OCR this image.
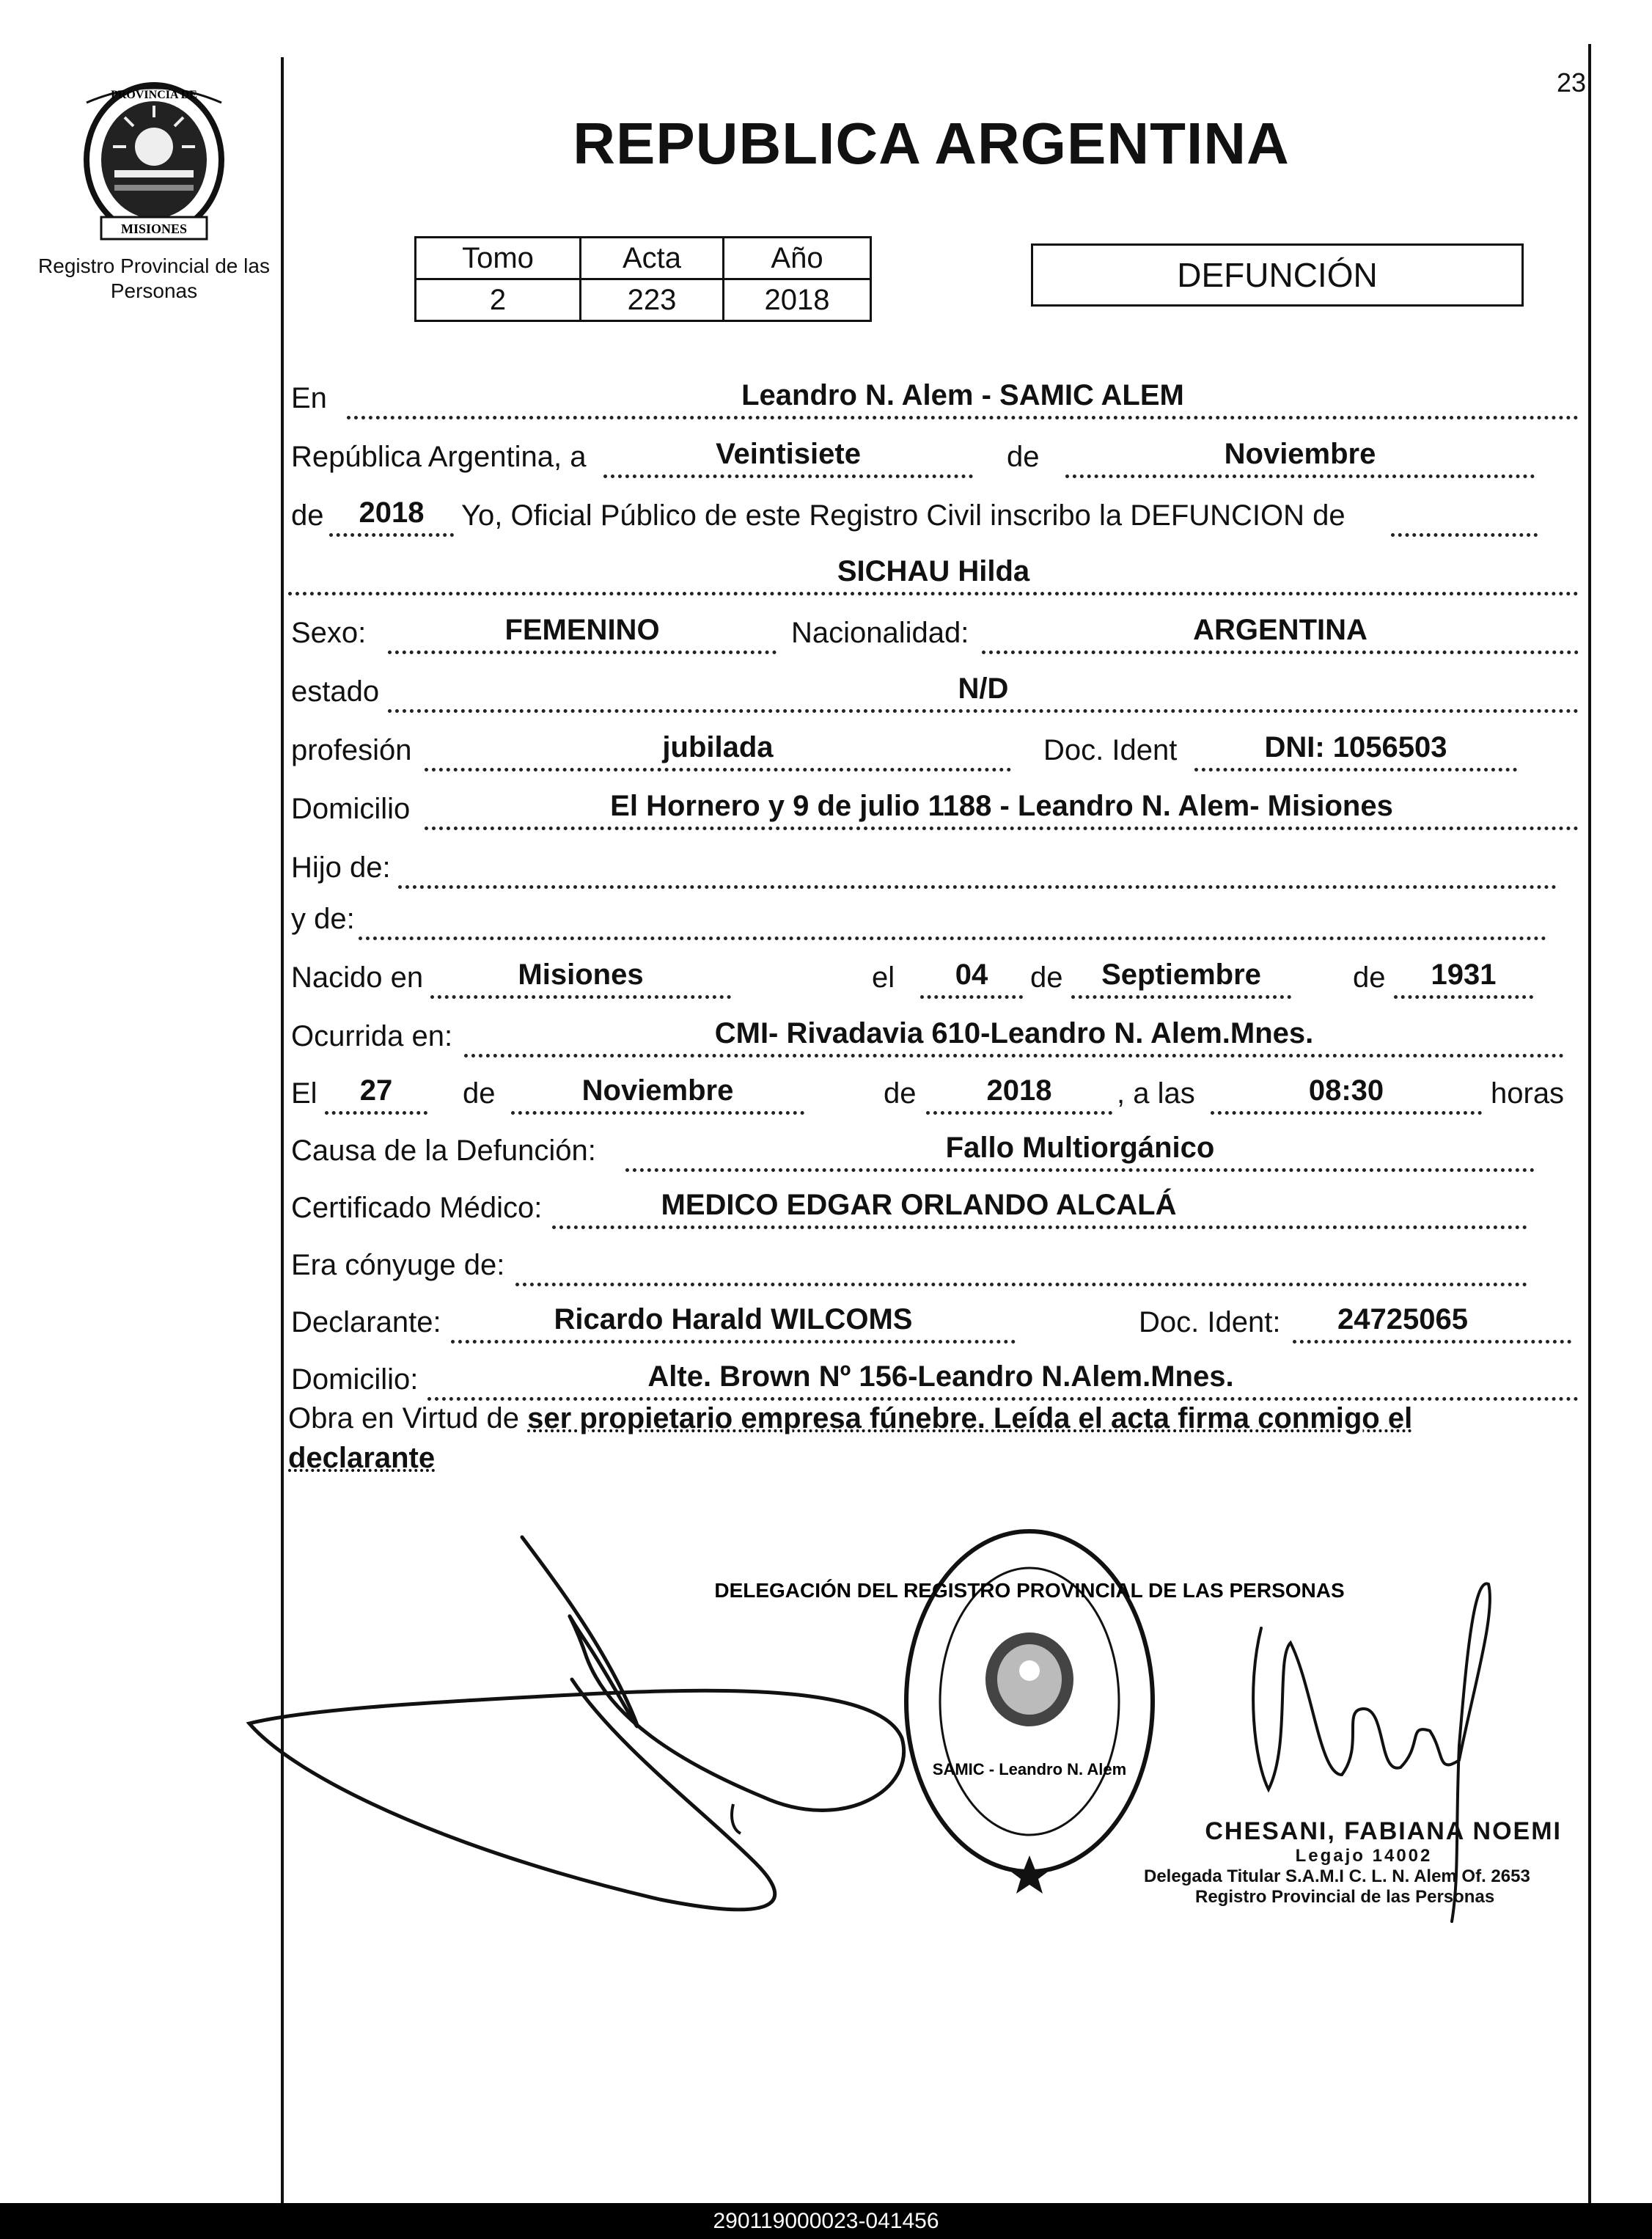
PROVINCIA DE
MISIONES
Registro Provincial de las Personas
23
REPUBLICA ARGENTINA
Tomo	Acta	Año
2	223	2018
DEFUNCIÓN
En	Leandro N. Alem - SAMIC ALEM
República Argentina, a	Veintisiete	de	Noviembre
de	2018	Yo, Oficial Público de este Registro Civil inscribo la DEFUNCION de
SICHAU Hilda
Sexo:	FEMENINO	Nacionalidad:	ARGENTINA
estado	N/D
profesión	jubilada	Doc. Ident	DNI: 1056503
Domicilio	El Hornero y 9 de julio 1188 - Leandro N. Alem- Misiones
Hijo de:
y de:
Nacido en	Misiones	el	04	de	Septiembre	de	1931
Ocurrida en:	CMI- Rivadavia 610-Leandro N. Alem.Mnes.
El	27	de	Noviembre	de	2018	, a las	08:30	horas
Causa de la Defunción:	Fallo Multiorgánico
Certificado Médico:	MEDICO EDGAR ORLANDO ALCALÁ
Era cónyuge de:
Declarante:	Ricardo Harald WILCOMS	Doc. Ident:	24725065
Domicilio:	Alte. Brown Nº 156-Leandro N.Alem.Mnes.
Obra en Virtud de ser propietario empresa fúnebre. Leída el acta firma conmigo el
declarante
DELEGACIÓN DEL REGISTRO PROVINCIAL DE LAS PERSONAS
SAMIC - Leandro N. Alem
CHESANI, FABIANA NOEMI
Legajo 14002
Delegada Titular S.A.M.I C. L. N. Alem Of. 2653
Registro Provincial de las Personas
290119000023-041456
